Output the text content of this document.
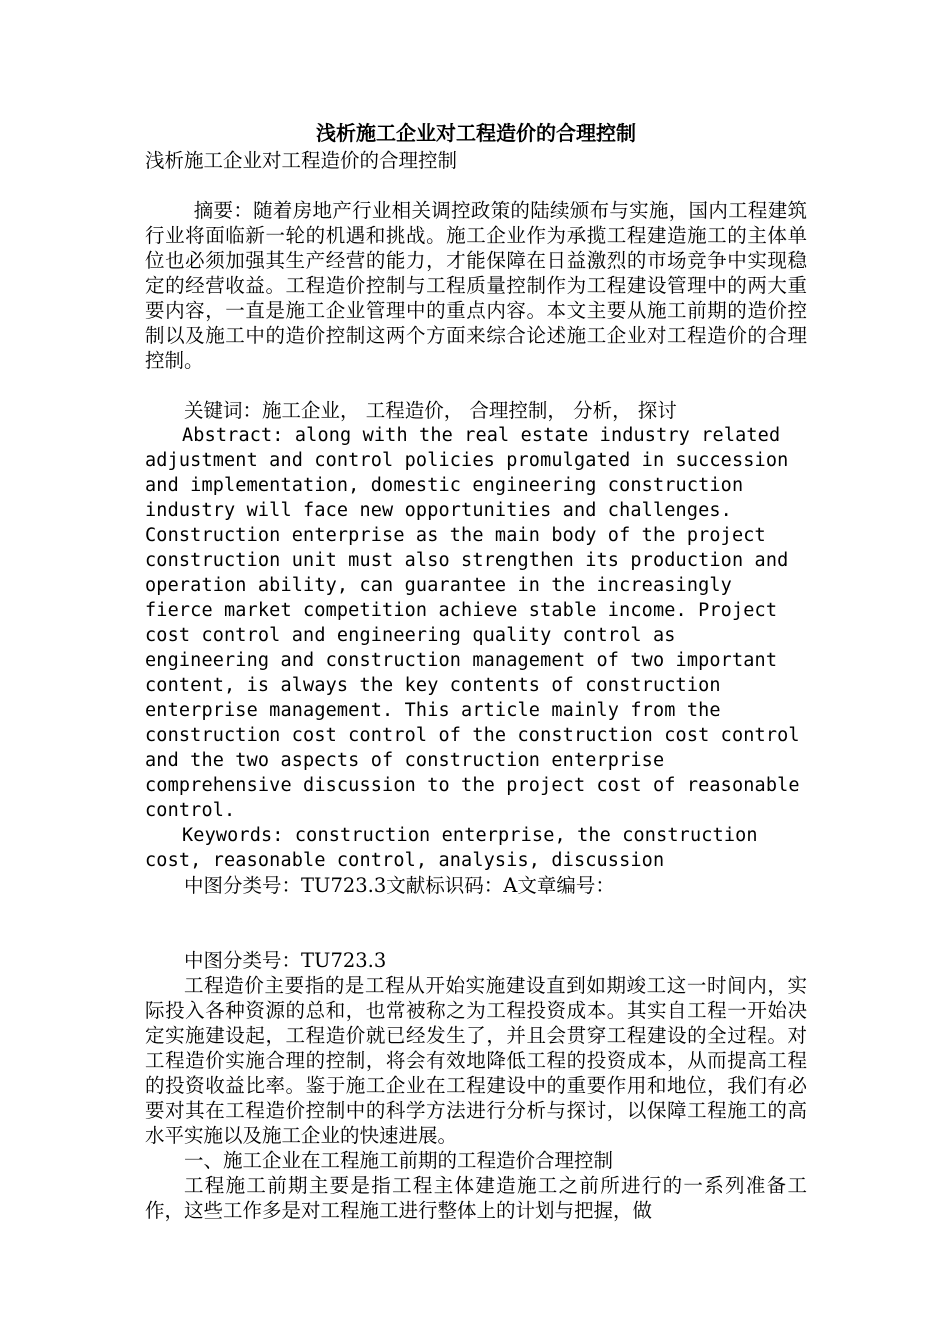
浅析施工企业对工程造价的合理控制

浅析施工企业对工程造价的合理控制

摘要：随着房地产行业相关调控政策的陆续颁布与实施，国内工程建筑行业将面临新一轮的机遇和挑战。施工企业作为承揽工程建造施工的主体单位也必须加强其生产经营的能力，才能保障在日益激烈的市场竞争中实现稳定的经营收益。工程造价控制与工程质量控制作为工程建设管理中的两大重要内容，一直是施工企业管理中的重点内容。本文主要从施工前期的造价控制以及施工中的造价控制这两个方面来综合论述施工企业对工程造价的合理控制。

关键词：施工企业， 工程造价， 合理控制， 分析， 探讨

Abstract: along with the real estate industry related adjustment and control policies promulgated in succession and implementation, domestic engineering construction industry will face new opportunities and challenges. Construction enterprise as the main body of the project construction unit must also strengthen its production and operation ability, can guarantee in the increasingly fierce market competition achieve stable income. Project cost control and engineering quality control as engineering and construction management of two important content, is always the key contents of construction enterprise management. This article mainly from the construction cost control of the construction cost control and the two aspects of construction enterprise comprehensive discussion to the project cost of reasonable control.

Keywords: construction enterprise, the construction cost, reasonable control, analysis, discussion

中图分类号：TU723.3文献标识码：A文章编号：

中图分类号：TU723.3

工程造价主要指的是工程从开始实施建设直到如期竣工这一时间内，实际投入各种资源的总和，也常被称之为工程投资成本。其实自工程一开始决定实施建设起，工程造价就已经发生了，并且会贯穿工程建设的全过程。对工程造价实施合理的控制，将会有效地降低工程的投资成本，从而提高工程的投资收益比率。鉴于施工企业在工程建设中的重要作用和地位，我们有必要对其在工程造价控制中的科学方法进行分析与探讨，以保障工程施工的高水平实施以及施工企业的快速进展。

一、施工企业在工程施工前期的工程造价合理控制

工程施工前期主要是指工程主体建造施工之前所进行的一系列准备工作，这些工作多是对工程施工进行整体上的计划与把握，做
